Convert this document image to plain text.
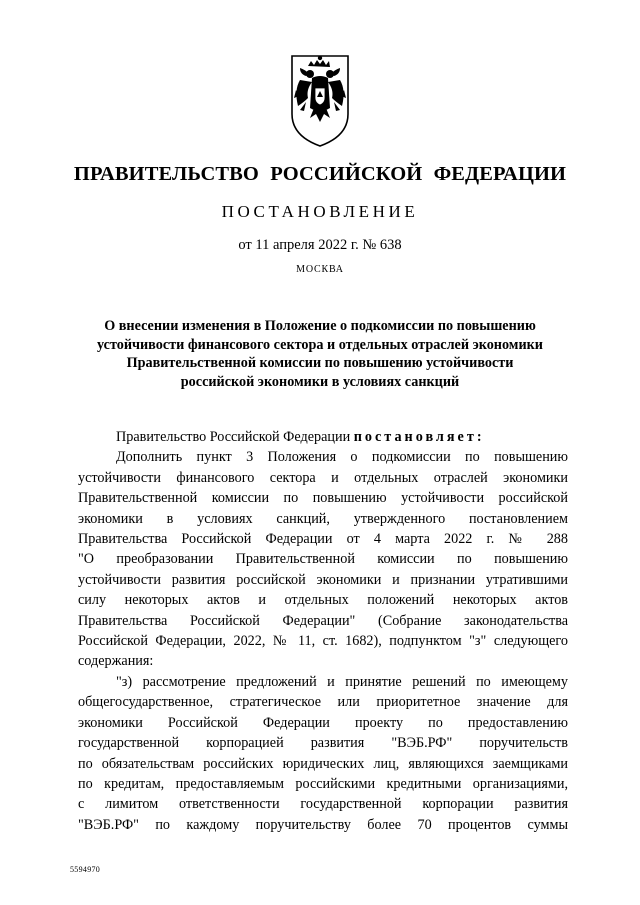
ПРАВИТЕЛЬСТВО РОССИЙСКОЙ ФЕДЕРАЦИИ
ПОСТАНОВЛЕНИЕ
от 11 апреля 2022 г. № 638
МОСКВА
О внесении изменения в Положение о подкомиссии по повышению
устойчивости финансового сектора и отдельных отраслей экономики
Правительственной комиссии по повышению устойчивости
российской экономики в условиях санкций
Правительство Российской Федерации постановляет:
Дополнить пункт 3 Положения о подкомиссии по повышению
устойчивости финансового сектора и отдельных отраслей экономики
Правительственной комиссии по повышению устойчивости российской
экономики в условиях санкций, утвержденного постановлением
Правительства Российской Федерации от 4 марта 2022 г. № 288
"О преобразовании Правительственной комиссии по повышению
устойчивости развития российской экономики и признании утратившими
силу некоторых актов и отдельных положений некоторых актов
Правительства Российской Федерации" (Собрание законодательства
Российской Федерации, 2022, № 11, ст. 1682), подпунктом "з" следующего
содержания:
"з) рассмотрение предложений и принятие решений по имеющему
общегосударственное, стратегическое или приоритетное значение для
экономики Российской Федерации проекту по предоставлению
государственной корпорацией развития "ВЭБ.РФ" поручительств
по обязательствам российских юридических лиц, являющихся заемщиками
по кредитам, предоставляемым российскими кредитными организациями,
с лимитом ответственности государственной корпорации развития
"ВЭБ.РФ" по каждому поручительству более 70 процентов суммы
5594970
